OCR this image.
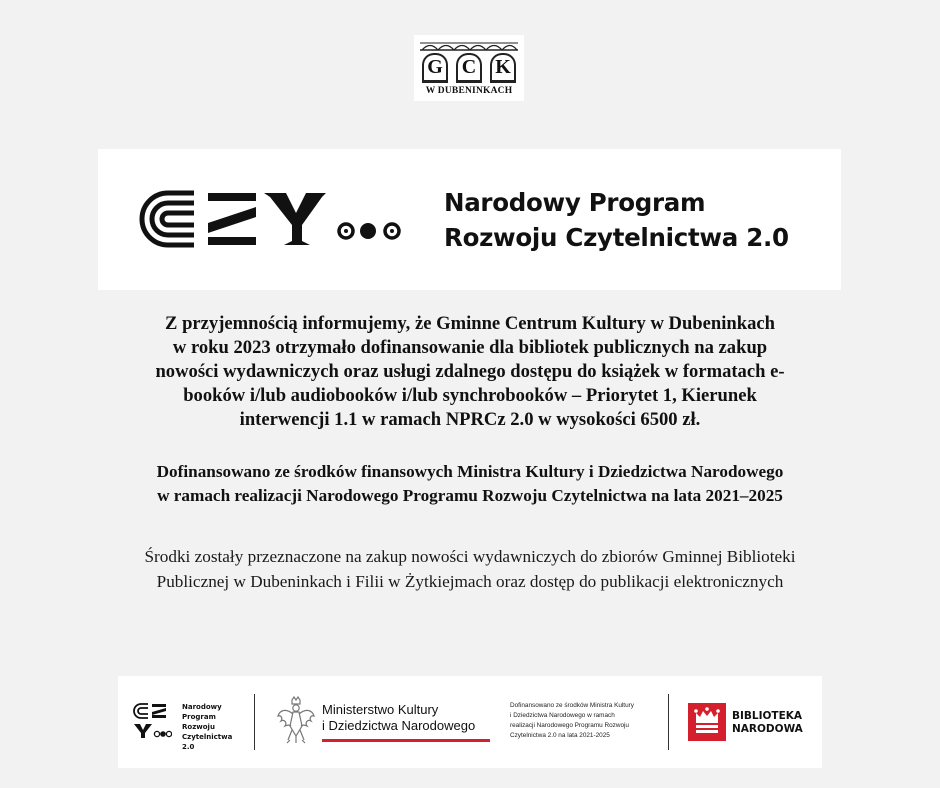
G C K
W DUBENINKACH
Narodowy Program
Rozwoju Czytelnictwa 2.0
Z przyjemnością informujemy, że Gminne Centrum Kultury w Dubeninkach
w roku 2023 otrzymało dofinansowanie dla bibliotek publicznych na zakup
nowości wydawniczych oraz usługi zdalnego dostępu do książek w formatach e-
booków i/lub audiobooków i/lub synchrobooków – Priorytet 1, Kierunek
interwencji 1.1 w ramach NPRCz 2.0 w wysokości 6500 zł.
Dofinansowano ze środków finansowych Ministra Kultury i Dziedzictwa Narodowego
w ramach realizacji Narodowego Programu Rozwoju Czytelnictwa na lata 2021–2025
Środki zostały przeznaczone na zakup nowości wydawniczych do zbiorów Gminnej Biblioteki
Publicznej w Dubeninkach i Filii w Żytkiejmach oraz dostęp do publikacji elektronicznych
Narodowy
Program
Rozwoju
Czytelnictwa
2.0
Ministerstwo Kultury
i Dziedzictwa Narodowego
Dofinansowano ze środków Ministra Kultury
i Dziedzictwa Narodowego w ramach
realizacji Narodowego Programu Rozwoju
Czytelnictwa 2.0 na lata 2021-2025
BIBLIOTEKA
NARODOWA
